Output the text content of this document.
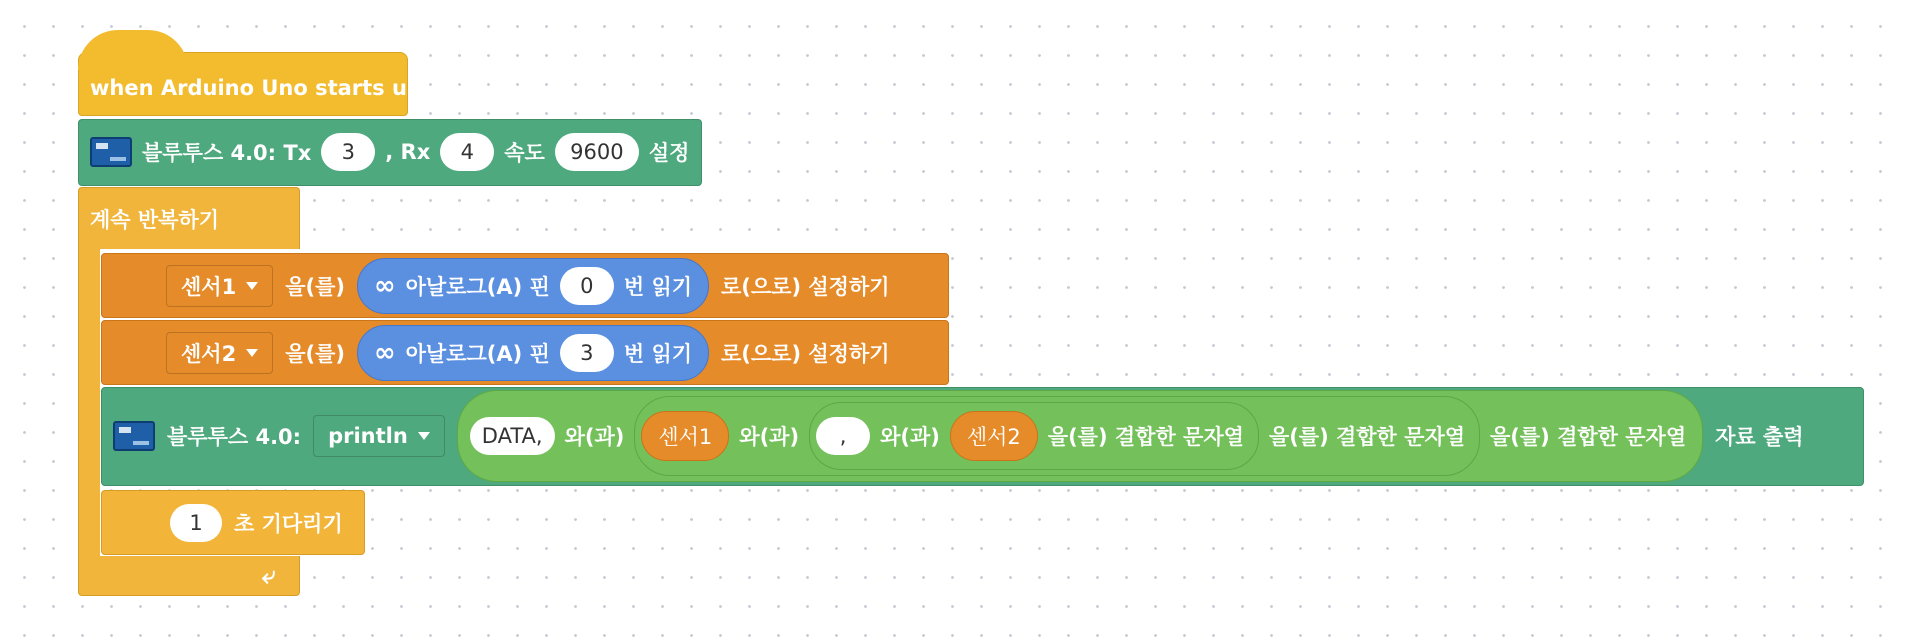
when Arduino Uno starts up
블루투스 4.0: Tx	3	, Rx	4	속도	9600	설정
계속 반복하기
⤶
센서1 을(를) ∞ 아날로그(A) 핀	0	번 읽기 로(으로) 설정하기
센서2 을(를) ∞ 아날로그(A) 핀	3	번 읽기 로(으로) 설정하기
블루투스 4.0: println	DATA,	와(과)	센서1	와(과)	,	와(과)	센서2	을(를) 결합한 문자열	을(를) 결합한 문자열	을(를) 결합한 문자열 자료 출력
1	초 기다리기
